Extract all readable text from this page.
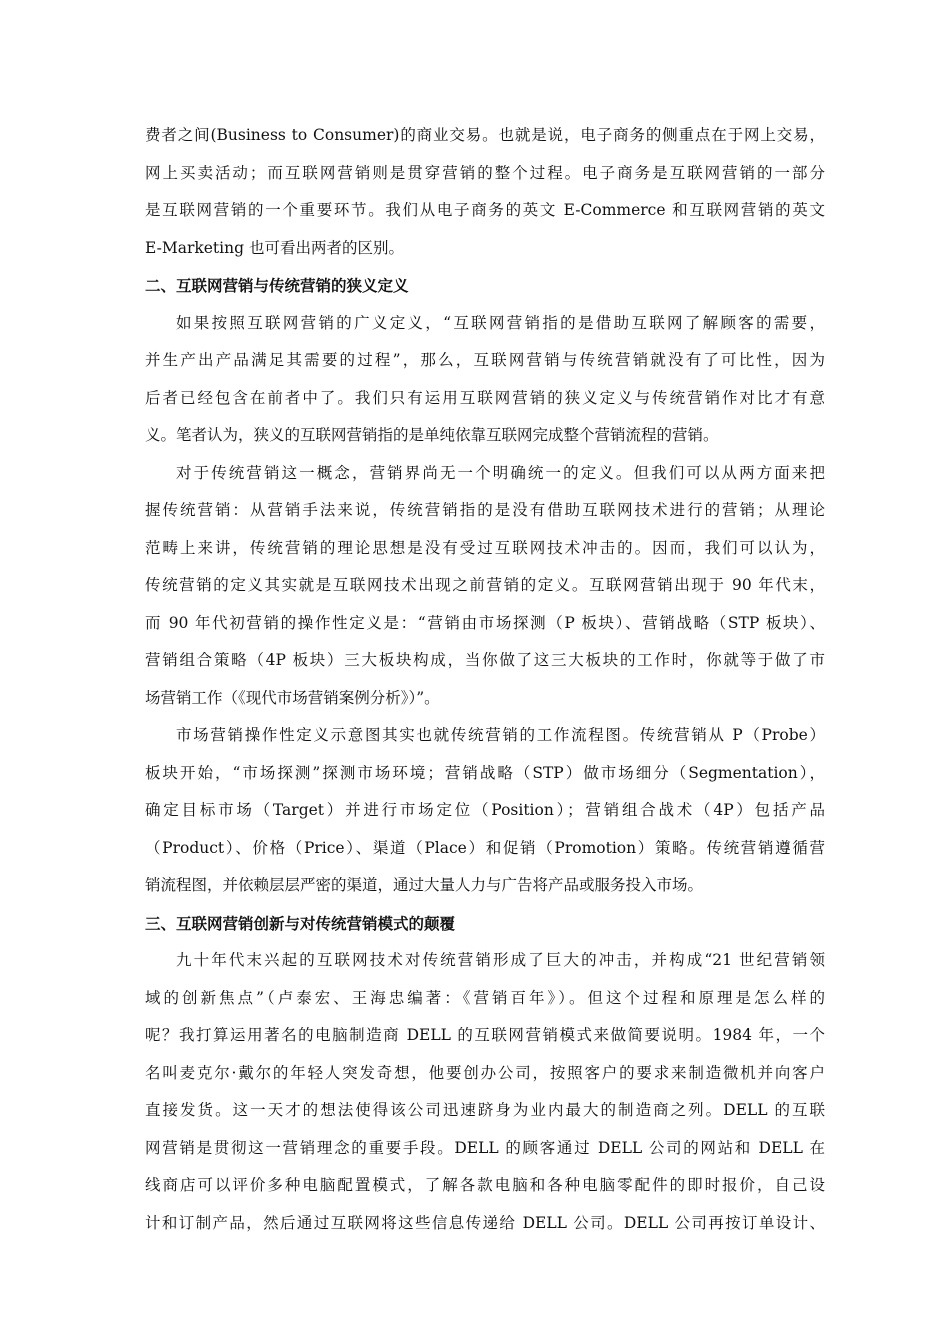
费者之间(Business to Consumer)的商业交易。也就是说，电子商务的侧重点在于网上交易，
网上买卖活动；而互联网营销则是贯穿营销的整个过程。电子商务是互联网营销的一部分
是互联网营销的一个重要环节。我们从电子商务的英文 E-Commerce 和互联网营销的英文
E-Marketing 也可看出两者的区别。
二、互联网营销与传统营销的狭义定义
如果按照互联网营销的广义定义，“互联网营销指的是借助互联网了解顾客的需要，
并生产出产品满足其需要的过程”，那么，互联网营销与传统营销就没有了可比性，因为
后者已经包含在前者中了。我们只有运用互联网营销的狭义定义与传统营销作对比才有意
义。笔者认为，狭义的互联网营销指的是单纯依靠互联网完成整个营销流程的营销。
对于传统营销这一概念，营销界尚无一个明确统一的定义。但我们可以从两方面来把
握传统营销：从营销手法来说，传统营销指的是没有借助互联网技术进行的营销；从理论
范畴上来讲，传统营销的理论思想是没有受过互联网技术冲击的。因而，我们可以认为，
传统营销的定义其实就是互联网技术出现之前营销的定义。互联网营销出现于 90 年代末，
而 90 年代初营销的操作性定义是：“营销由市场探测（P 板块）、营销战略（STP 板块）、
营销组合策略（4P 板块）三大板块构成，当你做了这三大板块的工作时，你就等于做了市
场营销工作（《现代市场营销案例分析》）”。
市场营销操作性定义示意图其实也就传统营销的工作流程图。传统营销从 P（Probe）
板块开始，“市场探测”探测市场环境；营销战略（STP）做市场细分（Segmentation），
确定目标市场（Target）并进行市场定位（Position）；营销组合战术（4P）包括产品
（Product）、价格（Price）、渠道（Place）和促销（Promotion）策略。传统营销遵循营
销流程图，并依赖层层严密的渠道，通过大量人力与广告将产品或服务投入市场。
三、互联网营销创新与对传统营销模式的颠覆
九十年代末兴起的互联网技术对传统营销形成了巨大的冲击，并构成“21 世纪营销领
域的创新焦点”（卢泰宏、王海忠编著：《营销百年》）。但这个过程和原理是怎么样的
呢？我打算运用著名的电脑制造商 DELL 的互联网营销模式来做简要说明。1984 年，一个
名叫麦克尔·戴尔的年轻人突发奇想，他要创办公司，按照客户的要求来制造微机并向客户
直接发货。这一天才的想法使得该公司迅速跻身为业内最大的制造商之列。DELL 的互联
网营销是贯彻这一营销理念的重要手段。DELL 的顾客通过 DELL 公司的网站和 DELL 在
线商店可以评价多种电脑配置模式，了解各款电脑和各种电脑零配件的即时报价，自己设
计和订制产品，然后通过互联网将这些信息传递给 DELL 公司。DELL 公司再按订单设计、
